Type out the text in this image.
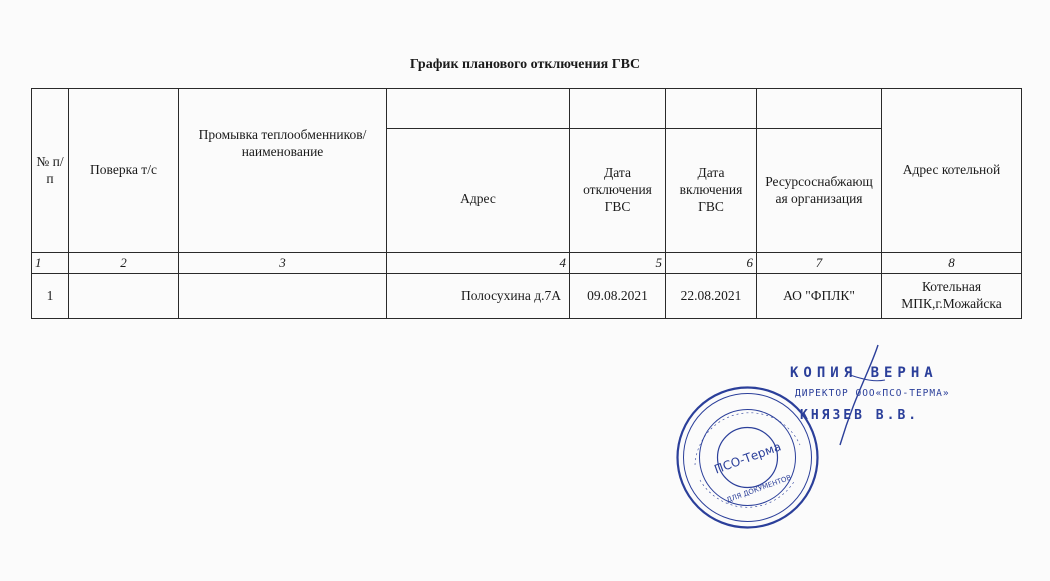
График планового отключения ГВС
№ п/п	Поверка т/с	Промывка теплообменников/ наименование					Адрес котельной
			Адрес	Дата отключения ГВС	Дата включения ГВС	Ресурсоснабжающ ая организация	
1	2	3	4	5	6	7	8
1			Полосухина д.7А	09.08.2021	22.08.2021	АО "ФПЛК"	Котельная МПК,г.Можайска
КОПИЯ ВЕРНА
ДИРЕКТОР ООО«ПСО-ТЕРМА»
КНЯЗЕВ В.В.
ПСО-Терма
ДЛЯ ДОКУМЕНТОВ
